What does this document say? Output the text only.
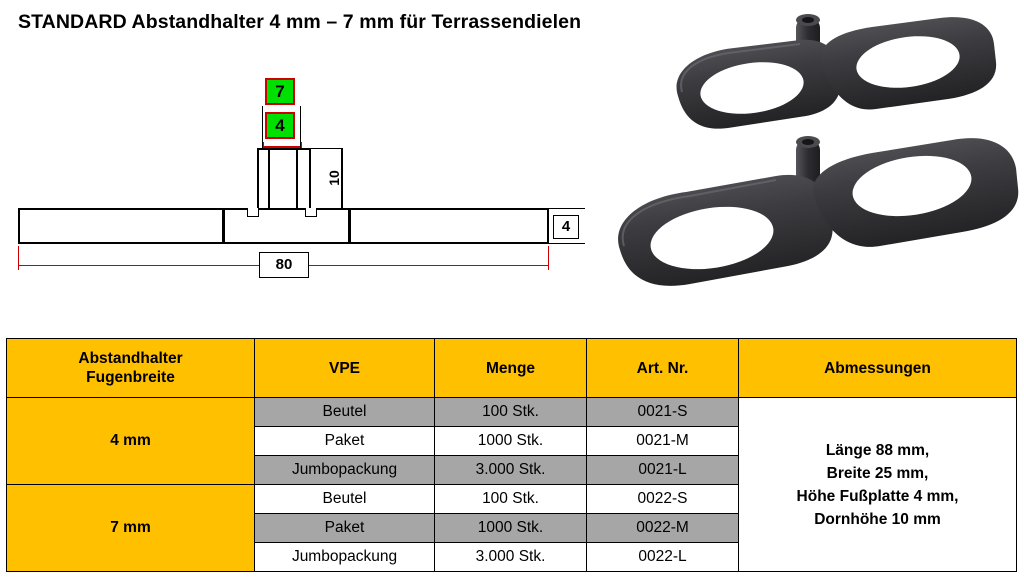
STANDARD Abstandhalter 4 mm – 7 mm für Terrassendielen
7
4
10
4
80
Abstandhalter
Fugenbreite	VPE	Menge	Art. Nr.	Abmessungen
4 mm	Beutel	100 Stk.	0021-S	Länge 88 mm,
Breite 25 mm,
Höhe Fußplatte 4 mm,
Dornhöhe 10 mm

	Paket	1000 Stk.	0021-M	
	Jumbopackung	3.000 Stk.	0021-L	
7 mm	Beutel	100 Stk.	0022-S	
	Paket	1000 Stk.	0022-M	
	Jumbopackung	3.000 Stk.	0022-L	
